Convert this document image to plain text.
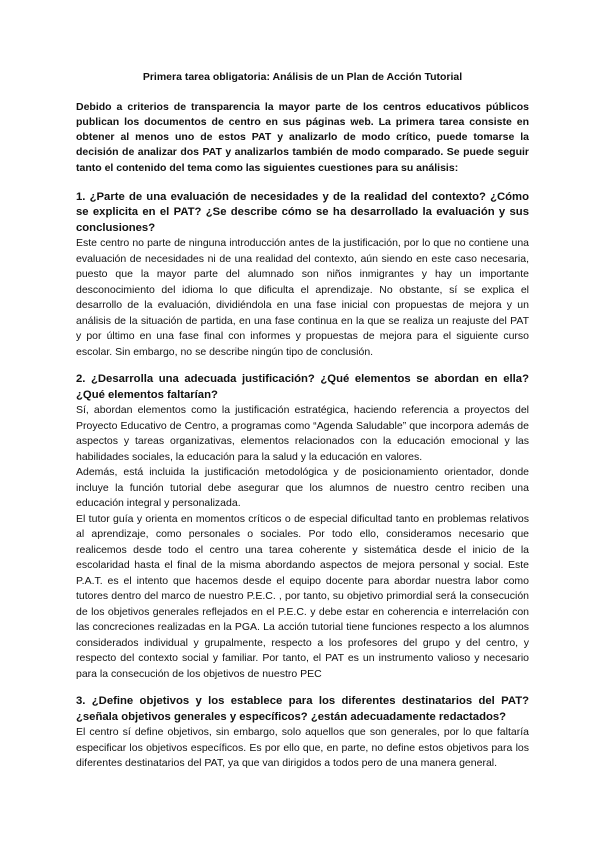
Primera tarea obligatoria: Análisis de un Plan de Acción Tutorial
Debido a criterios de transparencia la mayor parte de los centros educativos públicos publican los documentos de centro en sus páginas web. La primera tarea consiste en obtener al menos uno de estos PAT y analizarlo de modo crítico, puede tomarse la decisión de analizar dos PAT y analizarlos también de modo comparado. Se puede seguir tanto el contenido del tema como las siguientes cuestiones para su análisis:
1. ¿Parte de una evaluación de necesidades y de la realidad del contexto? ¿Cómo se explicita en el PAT? ¿Se describe cómo se ha desarrollado la evaluación y sus conclusiones?

Este centro no parte de ninguna introducción antes de la justificación, por lo que no contiene una evaluación de necesidades ni de una realidad del contexto, aún siendo en este caso necesaria, puesto que la mayor parte del alumnado son niños inmigrantes y hay un importante desconocimiento del idioma lo que dificulta el aprendizaje. No obstante, sí se explica el desarrollo de la evaluación, dividiéndola en una fase inicial con propuestas de mejora y un análisis de la situación de partida, en una fase continua en la que se realiza un reajuste del PAT y por último en una fase final con informes y propuestas de mejora para el siguiente curso escolar. Sin embargo, no se describe ningún tipo de conclusión.

2. ¿Desarrolla una adecuada justificación? ¿Qué elementos se abordan en ella? ¿Qué elementos faltarían?

Sí, abordan elementos como la justificación estratégica, haciendo referencia a proyectos del Proyecto Educativo de Centro, a programas como “Agenda Saludable” que incorpora además de aspectos y tareas organizativas, elementos relacionados con la educación emocional y las habilidades sociales, la educación para la salud y la educación en valores.

Además, está incluida la justificación metodológica y de posicionamiento orientador, donde incluye la función tutorial debe asegurar que los alumnos de nuestro centro reciben una educación integral y personalizada.

El tutor guía y orienta en momentos críticos o de especial dificultad tanto en problemas relativos al aprendizaje, como personales o sociales. Por todo ello, consideramos necesario que realicemos desde todo el centro una tarea coherente y sistemática desde el inicio de la escolaridad hasta el final de la misma abordando aspectos de mejora personal y social. Este P.A.T. es el intento que hacemos desde el equipo docente para abordar nuestra labor como tutores dentro del marco de nuestro P.E.C. , por tanto, su objetivo primordial será la consecución de los objetivos generales reflejados en el P.E.C. y debe estar en coherencia e interrelación con las concreciones realizadas en la PGA. La acción tutorial tiene funciones respecto a los alumnos considerados individual y grupalmente, respecto a los profesores del grupo y del centro, y respecto del contexto social y familiar. Por tanto, el PAT es un instrumento valioso y necesario para la consecución de los objetivos de nuestro PEC

3. ¿Define objetivos y los establece para los diferentes destinatarios del PAT? ¿señala objetivos generales y específicos? ¿están adecuadamente redactados?

El centro sí define objetivos, sin embargo, solo aquellos que son generales, por lo que faltaría especificar los objetivos específicos. Es por ello que, en parte, no define estos objetivos para los diferentes destinatarios del PAT, ya que van dirigidos a todos pero de una manera general.
